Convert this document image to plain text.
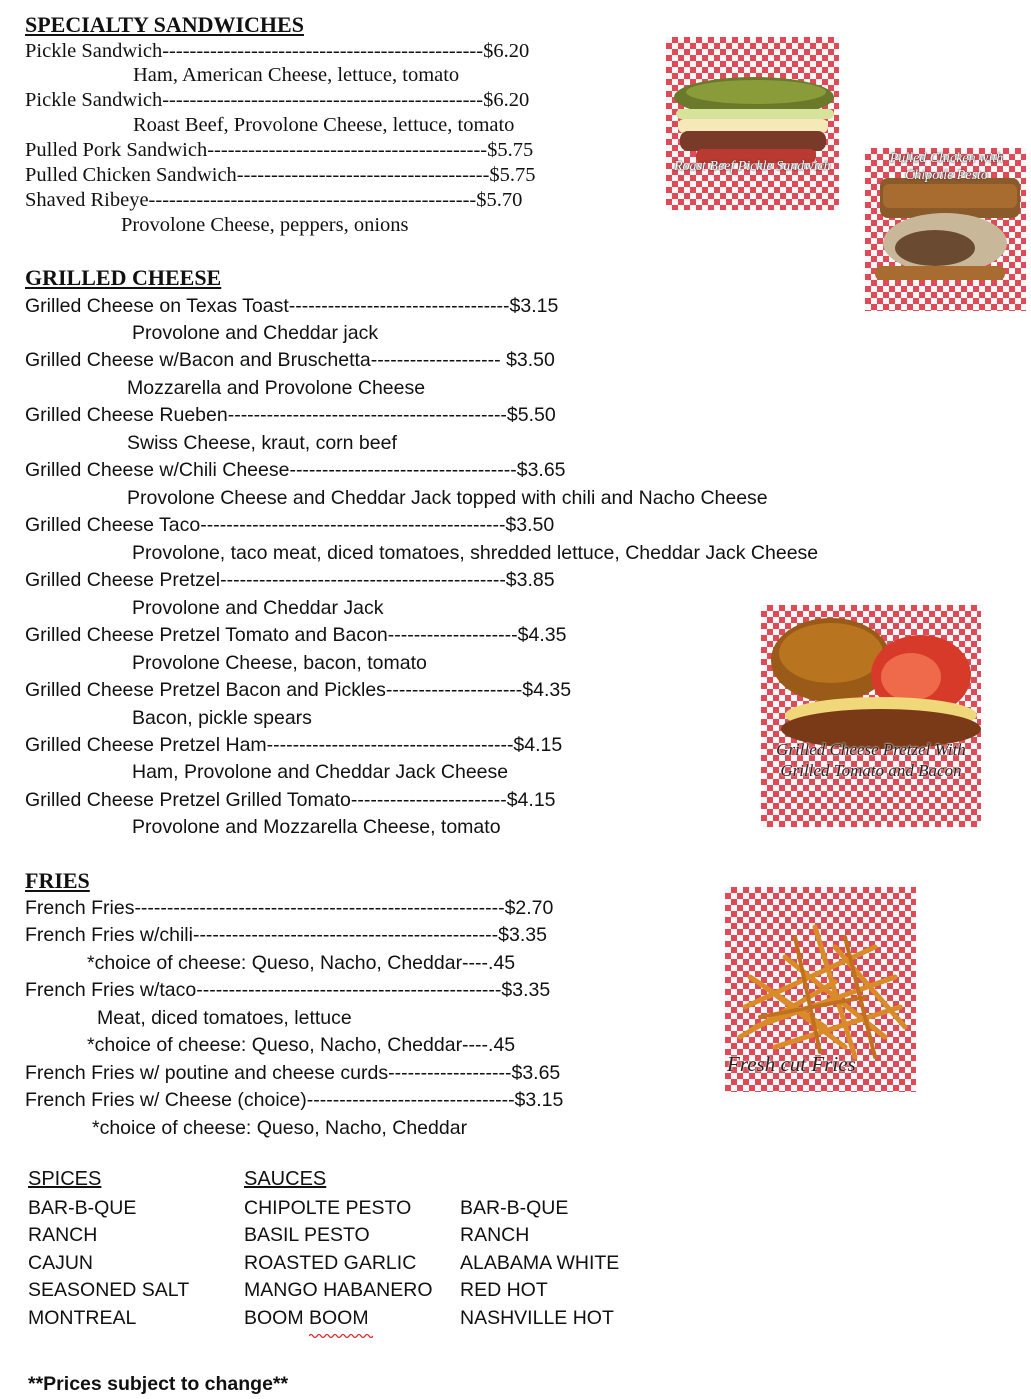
SPECIALTY SANDWICHES
Pickle Sandwich-----------------------------------------------$6.20
Ham, American Cheese, lettuce, tomato
Pickle Sandwich-----------------------------------------------$6.20
Roast Beef, Provolone Cheese, lettuce, tomato
Pulled Pork Sandwich-----------------------------------------$5.75
Pulled Chicken Sandwich-------------------------------------$5.75
Shaved Ribeye------------------------------------------------$5.70
Provolone Cheese, peppers, onions
GRILLED CHEESE
Grilled Cheese on Texas Toast----------------------------------$3.15
Provolone and Cheddar jack
Grilled Cheese w/Bacon and Bruschetta-------------------- $3.50
Mozzarella and Provolone Cheese
Grilled Cheese Rueben-------------------------------------------$5.50
Swiss Cheese, kraut, corn beef
Grilled Cheese w/Chili Cheese-----------------------------------$3.65
Provolone Cheese and Cheddar Jack topped with chili and Nacho Cheese
Grilled Cheese Taco-----------------------------------------------$3.50
Provolone, taco meat, diced tomatoes, shredded lettuce, Cheddar Jack Cheese
Grilled Cheese Pretzel--------------------------------------------$3.85
Provolone and Cheddar Jack
Grilled Cheese Pretzel Tomato and Bacon--------------------$4.35
Provolone Cheese, bacon, tomato
Grilled Cheese Pretzel Bacon and Pickles---------------------$4.35
Bacon, pickle spears
Grilled Cheese Pretzel Ham--------------------------------------$4.15
Ham, Provolone and Cheddar Jack Cheese
Grilled Cheese Pretzel Grilled Tomato------------------------$4.15
Provolone and Mozzarella Cheese, tomato
FRIES
French Fries---------------------------------------------------------$2.70
French Fries w/chili-----------------------------------------------$3.35
*choice of cheese: Queso, Nacho, Cheddar----.45
French Fries w/taco-----------------------------------------------$3.35
Meat, diced tomatoes, lettuce
*choice of cheese: Queso, Nacho, Cheddar----.45
French Fries w/ poutine and cheese curds-------------------$3.65
French Fries w/ Cheese (choice)--------------------------------$3.15
*choice of cheese: Queso, Nacho, Cheddar
SPICES
BAR-B-QUE
RANCH
CAJUN
SEASONED SALT
MONTREAL
SAUCES
CHIPOLTE PESTO
BASIL PESTO
ROASTED GARLIC
MANGO HABANERO
BOOM BOOM
BAR-B-QUE
RANCH
ALABAMA WHITE
RED HOT
NASHVILLE HOT
**Prices subject to change**
Roast Beef Pickle Sandwich
Pulled Chicken with Chipotle Pesto
Grilled Cheese Pretzel With Grilled Tomato and Bacon
Fresh cut Fries
